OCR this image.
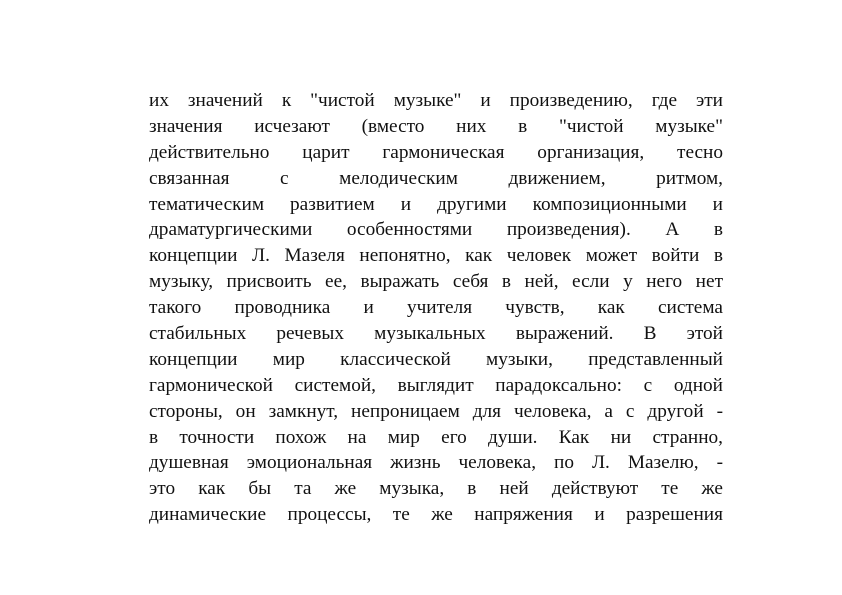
их значений к "чистой музыке" и произведению, где эти
значения исчезают (вместо них в "чистой музыке"
действительно царит гармоническая организация, тесно
связанная с мелодическим движением, ритмом,
тематическим развитием и другими композиционными и
драматургическими особенностями произведения). А в
концепции Л. Мазеля непонятно, как человек может войти в
музыку, присвоить ее, выражать себя в ней, если у него нет
такого проводника и учителя чувств, как система
стабильных речевых музыкальных выражений. В этой
концепции мир классической музыки, представленный
гармонической системой, выглядит парадоксально: с одной
стороны, он замкнут, непроницаем для человека, а с другой -
в точности похож на мир его души. Как ни странно,
душевная эмоциональная жизнь человека, по Л. Мазелю, -
это как бы та же музыка, в ней действуют те же
динамические процессы, те же напряжения и разрешения
